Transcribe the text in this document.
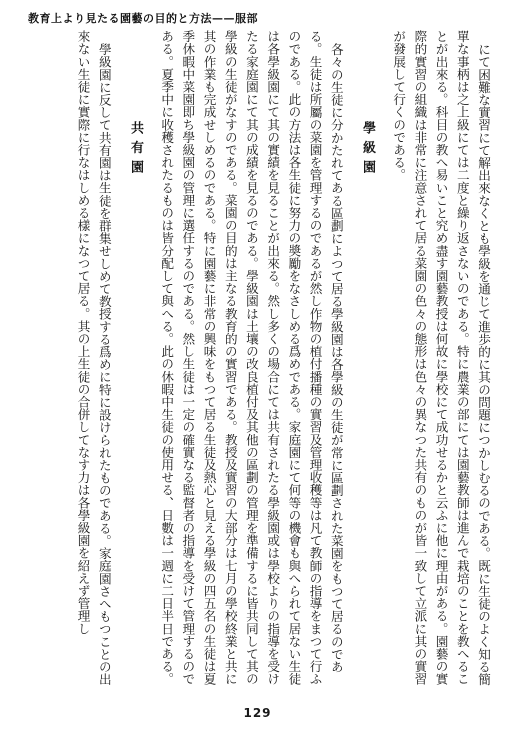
教育上より見たる園藝の目的と方法——服部

にて困難な實習にて解出來なくとも學級を通じて進歩的に其の問題につかしむるのである。既に生徒のよく知る簡單な事柄は之上級にては二度と繰り返さないのである。特に農業の部にては園藝教師は進んで栽培のことを教へることが出來る。科目の教へ易いこと究め盡す園藝教授は何故に學校にて成功せるかと云ふに他に理由がある。園藝の實際的實習の組織は非常に注意されて居る菜園の色々の態形は色々の異なつた共有のものが皆一致して立派に其の實習が發展して行くのである。

學級園

各々の生徒に分かたれてある區劃によつて居る學級園は各學級の生徒が常に區劃された菜園をもつて居るのである。生徒は所屬の菜園を管理するのであるが然し作物の植付播種の實習及管理收穫等は凡て教師の指導をまつて行ふのである。此の方法は各生徒に努力の奬勵をなさしめる爲めである。家庭園にて何等の機會も與へられて居ない生徒は各學級園にて其の實績を見ることが出來る。然し多くの場合にては共有されたる學級園或は學校よりの指導を受けたる家庭園にて其の成績を見るのである。學級園は土壤の改良植付及其他の區劃の管理を準備するに皆共同して其の學級の生徒がなすのである。菜園の目的は主なる教育的の實習である。教授及實習の大部分は七月の學校終業と共に其の作業も完成せしめるのである。特に園藝に非常の興味をもつて居る生徒及熱心と見える學級の四五名の生徒は夏季休暇中菜園即ち學級園の管理に選任するのである。然し生徒は一定の確實なる監督者の指導を受けて管理するのである。夏季中に收穫されたるものは皆分配して與へる。此の休暇中生徒の使用せる、日數は一週に二日半日である。

共有園

學級園に反して共有園は生徒を群集せしめて教授する爲めに特に設けられたものである。家庭園さへもつことの出來ない生徒に實際に行なはしめる樣になつて居る。其の上生徒の合併してなす力は各學級園を紹えず管理し

129
